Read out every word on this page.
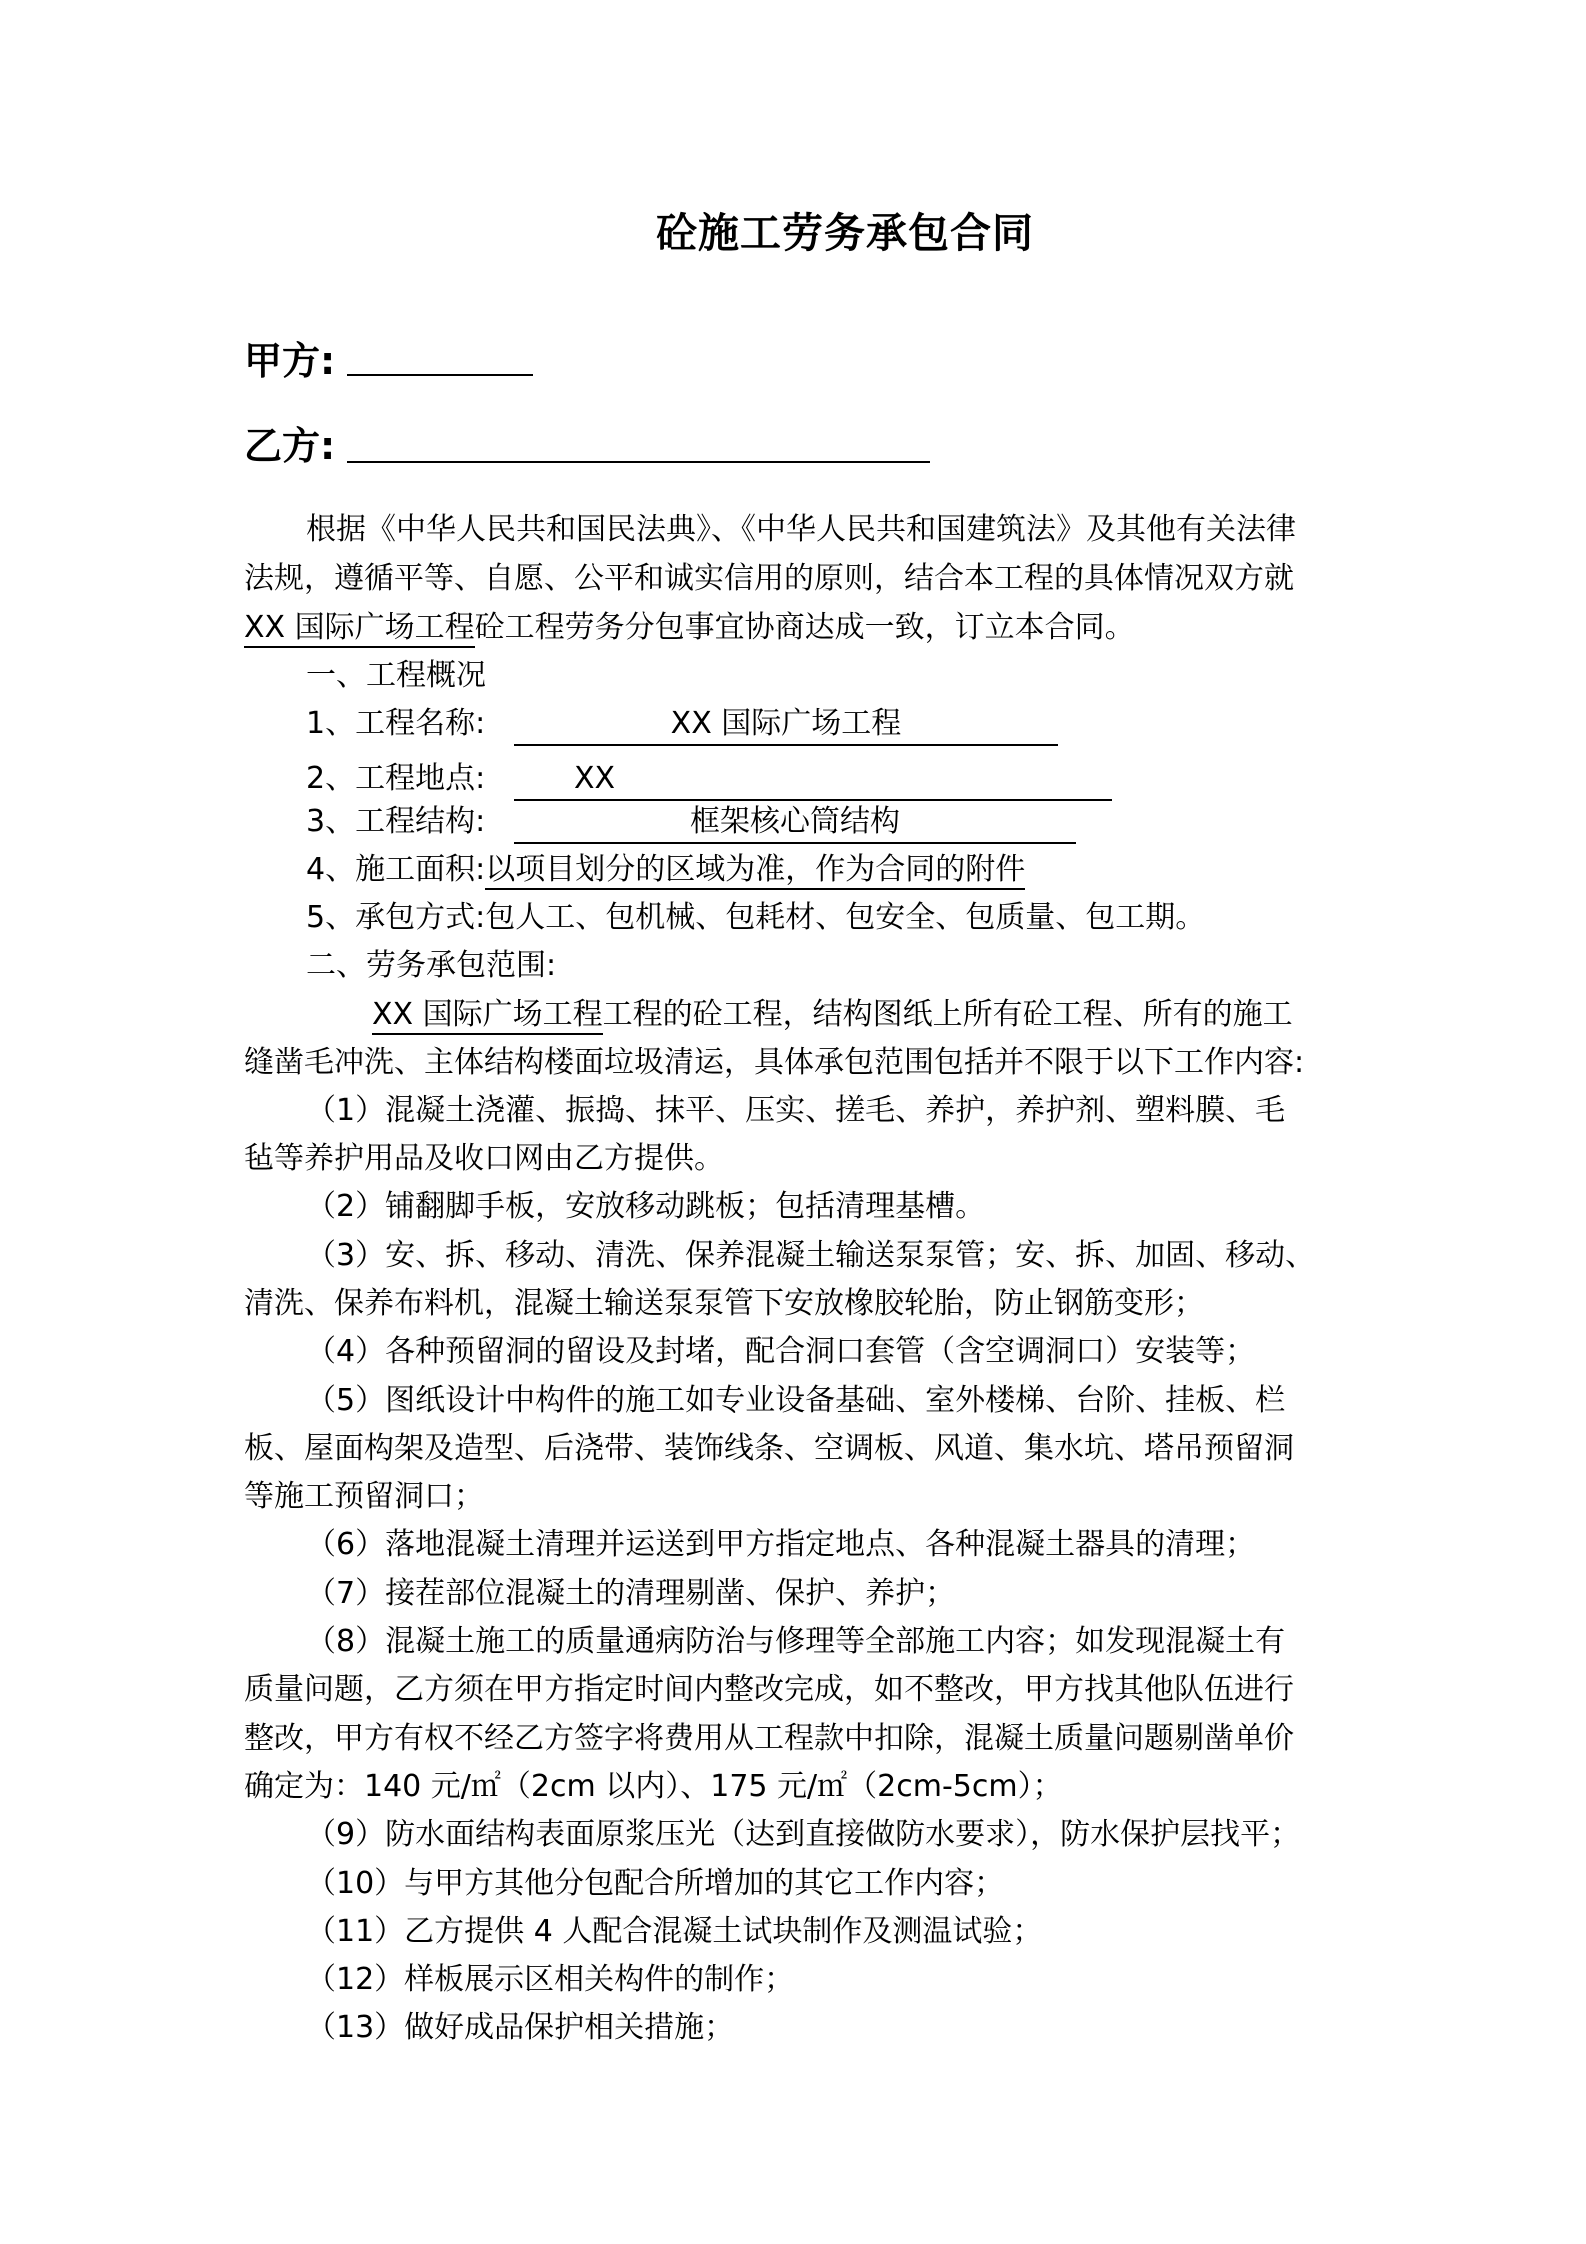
砼施工劳务承包合同
甲方:
乙方:
根据《中华人民共和国民法典》、《中华人民共和国建筑法》及其他有关法律
法规，遵循平等、自愿、公平和诚实信用的原则，结合本工程的具体情况双方就
XX 国际广场工程砼工程劳务分包事宜协商达成一致，订立本合同。
一、工程概况
1、工程名称:	XX 国际广场工程
2、工程地点:	XX
3、工程结构:	框架核心筒结构
4、施工面积:以项目划分的区域为准，作为合同的附件
5、承包方式:包人工、包机械、包耗材、包安全、包质量、包工期。
二、劳务承包范围:
XX 国际广场工程工程的砼工程，结构图纸上所有砼工程、所有的施工
缝凿毛冲洗、主体结构楼面垃圾清运，具体承包范围包括并不限于以下工作内容:
（1）混凝土浇灌、振捣、抹平、压实、搓毛、养护，养护剂、塑料膜、毛
毡等养护用品及收口网由乙方提供。
（2）铺翻脚手板，安放移动跳板；包括清理基槽。
（3）安、拆、移动、清洗、保养混凝土输送泵泵管；安、拆、加固、移动、
清洗、保养布料机，混凝土输送泵泵管下安放橡胶轮胎，防止钢筋变形；
（4）各种预留洞的留设及封堵，配合洞口套管（含空调洞口）安装等；
（5）图纸设计中构件的施工如专业设备基础、室外楼梯、台阶、挂板、栏
板、屋面构架及造型、后浇带、装饰线条、空调板、风道、集水坑、塔吊预留洞
等施工预留洞口；
（6）落地混凝土清理并运送到甲方指定地点、各种混凝土器具的清理；
（7）接茬部位混凝土的清理剔凿、保护、养护；
（8）混凝土施工的质量通病防治与修理等全部施工内容；如发现混凝土有
质量问题，乙方须在甲方指定时间内整改完成，如不整改，甲方找其他队伍进行
整改，甲方有权不经乙方签字将费用从工程款中扣除，混凝土质量问题剔凿单价
确定为：140 元/㎡（2cm 以内）、175 元/㎡（2cm-5cm）；
（9）防水面结构表面原浆压光（达到直接做防水要求），防水保护层找平；
（10）与甲方其他分包配合所增加的其它工作内容；
（11）乙方提供 4 人配合混凝土试块制作及测温试验；
（12）样板展示区相关构件的制作；
（13）做好成品保护相关措施；
